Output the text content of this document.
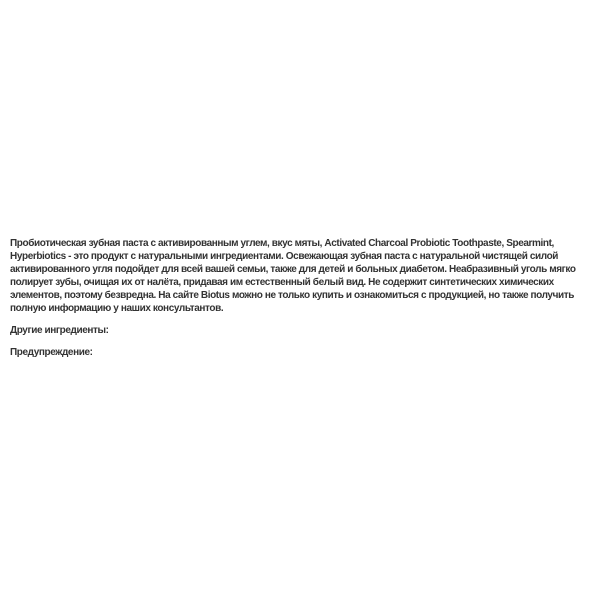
Пробиотическая зубная паста с активированным углем, вкус мяты, Activated Charcoal Probiotic Toothpaste, Spearmint, Hyperbiotics - это продукт с натуральными ингредиентами. Освежающая зубная паста с натуральной чистящей силой активированного угля подойдет для всей вашей семьи, также для детей и больных диабетом. Неабразивный уголь мягко полирует зубы, очищая их от налёта, придавая им естественный белый вид. Не содержит синтетических химических элементов, поэтому безвредна. На сайте Biotus можно не только купить и ознакомиться с продукцией, но также получить полную информацию у наших консультантов.

Другие ингредиенты:

Предупреждение:
